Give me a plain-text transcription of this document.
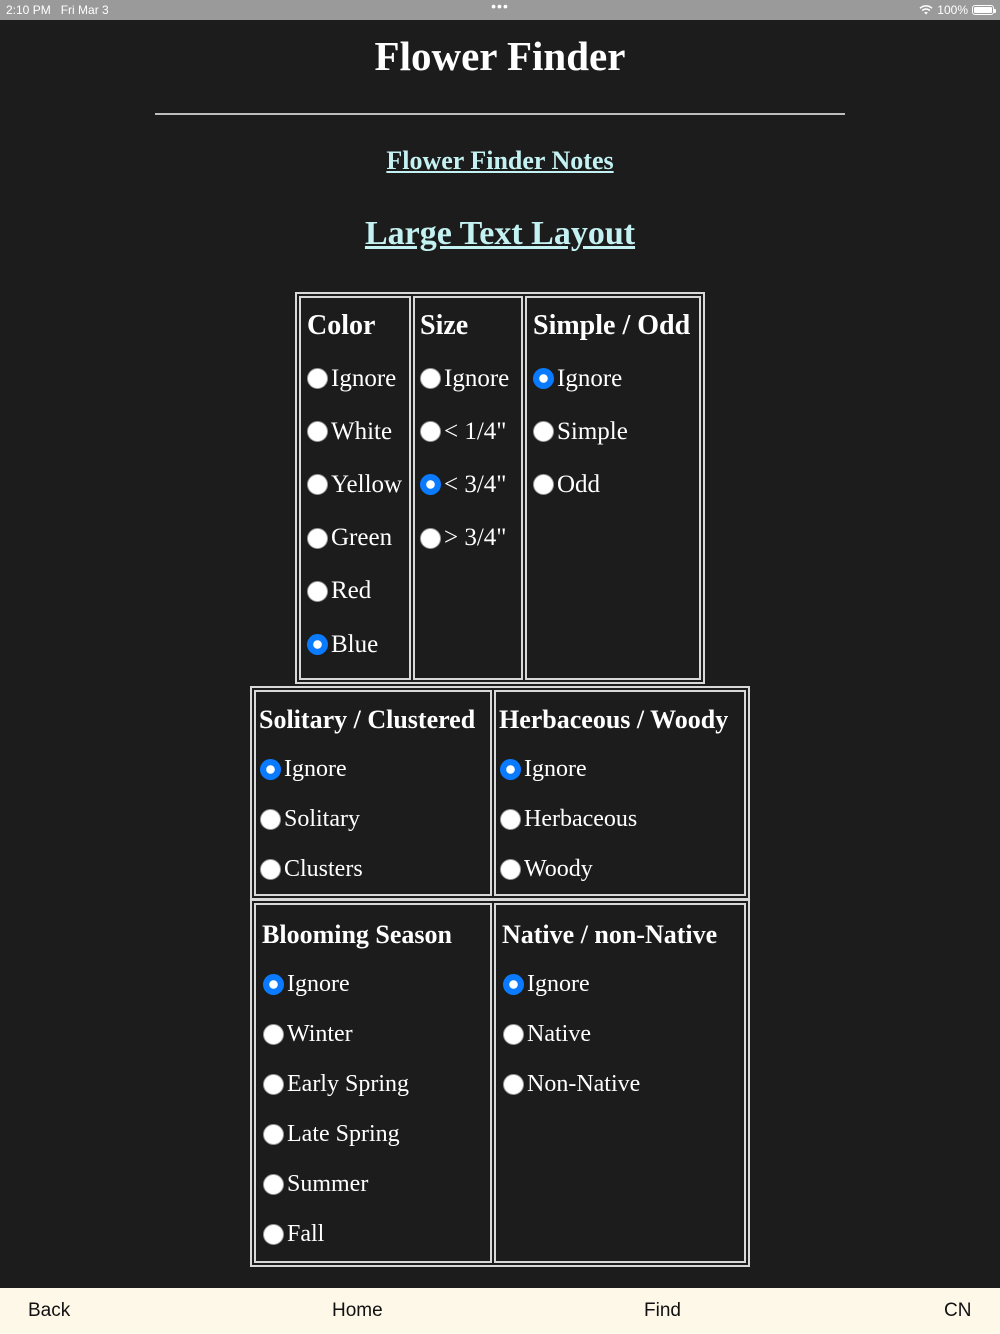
2:10 PM Fri Mar 3	•••	100%
Flower Finder
Flower Finder Notes
Large Text Layout
Color
Ignore
White
Yellow
Green
Red
Blue

Size
Ignore
< 1/4"
< 3/4"
> 3/4"

Simple / Odd
Ignore
Simple
Odd
Solitary / Clustered
Ignore
Solitary
Clusters

Herbaceous / Woody
Ignore
Herbaceous
Woody
Blooming Season
Ignore
Winter
Early Spring
Late Spring
Summer
Fall

Native / non-Native
Ignore
Native
Non-Native
Back	Home	Find	CN
